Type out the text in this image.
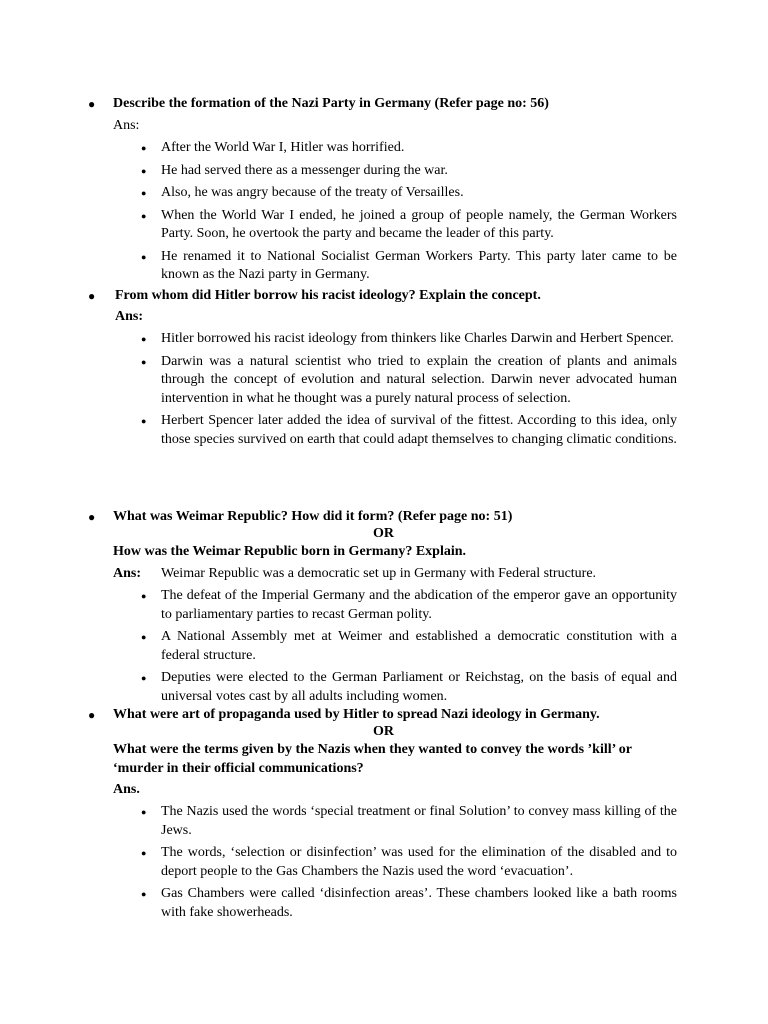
● Describe the formation of the Nazi Party in Germany (Refer page no: 56)
Ans:
● After the World War I, Hitler was horrified.
● He had served there as a messenger during the war.
● Also, he was angry because of the treaty of Versailles.
● When the World War I ended, he joined a group of people namely, the German Workers Party. Soon, he overtook the party and became the leader of this party.
● He renamed it to National Socialist German Workers Party. This party later came to be known as the Nazi party in Germany.
● From whom did Hitler borrow his racist ideology? Explain the concept.
Ans:
● Hitler borrowed his racist ideology from thinkers like Charles Darwin and Herbert Spencer.
● Darwin was a natural scientist who tried to explain the creation of plants and animals through the concept of evolution and natural selection. Darwin never advocated human intervention in what he thought was a purely natural process of selection.
● Herbert Spencer later added the idea of survival of the fittest. According to this idea, only those species survived on earth that could adapt themselves to changing climatic conditions.
● What was Weimar Republic? How did it form? (Refer page no: 51)
OR
How was the Weimar Republic born in Germany? Explain.
Ans: Weimar Republic was a democratic set up in Germany with Federal structure.
● The defeat of the Imperial Germany and the abdication of the emperor gave an opportunity to parliamentary parties to recast German polity.
● A National Assembly met at Weimer and established a democratic constitution with a federal structure.
● Deputies were elected to the German Parliament or Reichstag, on the basis of equal and universal votes cast by all adults including women.
● What were art of propaganda used by Hitler to spread Nazi ideology in Germany.
OR
What were the terms given by the Nazis when they wanted to convey the words ’kill’ or ‘murder in their official communications?
Ans.
● The Nazis used the words ‘special treatment or final Solution’ to convey mass killing of the Jews.
● The words, ‘selection or disinfection’ was used for the elimination of the disabled and to deport people to the Gas Chambers the Nazis used the word ‘evacuation’.
● Gas Chambers were called ‘disinfection areas’. These chambers looked like a bath rooms with fake showerheads.
